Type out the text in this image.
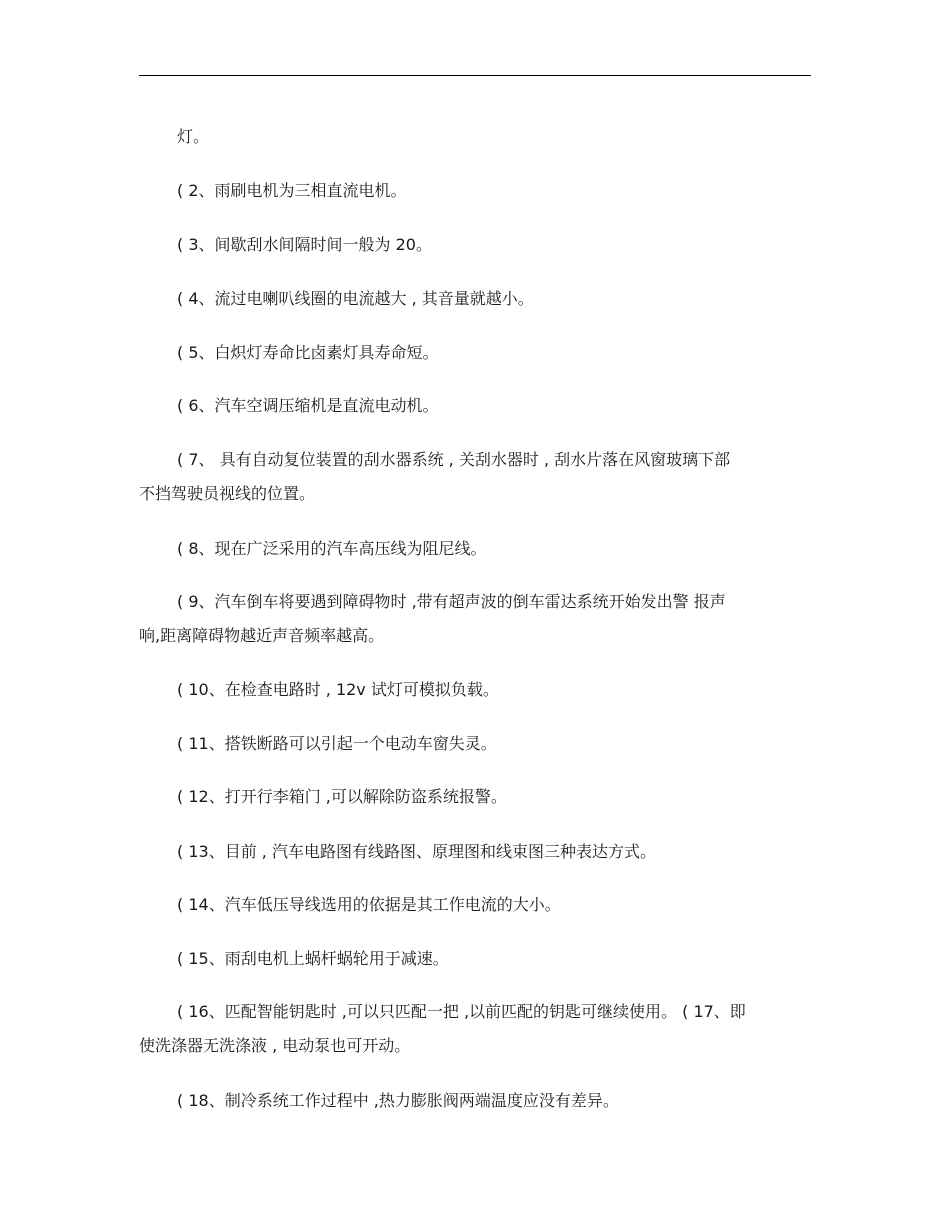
灯。
( 2、雨刷电机为三相直流电机。
( 3、间歇刮水间隔时间一般为 20。
( 4、流过电喇叭线圈的电流越大 , 其音量就越小。
( 5、白炽灯寿命比卤素灯具寿命短。
( 6、汽车空调压缩机是直流电动机。
( 7、 具有自动复位装置的刮水器系统 , 关刮水器时 , 刮水片落在风窗玻璃下部
不挡驾驶员视线的位置。
( 8、现在广泛采用的汽车高压线为阻尼线。
( 9、汽车倒车将要遇到障碍物时 ,带有超声波的倒车雷达系统开始发出警 报声
响,距离障碍物越近声音频率越高。
( 10、在检查电路时 , 12v 试灯可模拟负载。
( 11、搭铁断路可以引起一个电动车窗失灵。
( 12、打开行李箱门 ,可以解除防盗系统报警。
( 13、目前 , 汽车电路图有线路图、原理图和线束图三种表达方式。
( 14、汽车低压导线选用的依据是其工作电流的大小。
( 15、雨刮电机上蜗杆蜗轮用于减速。
( 16、匹配智能钥匙时 ,可以只匹配一把 ,以前匹配的钥匙可继续使用。 ( 17、即
使洗涤器无洗涤液 , 电动泵也可开动。
( 18、制冷系统工作过程中 ,热力膨胀阀两端温度应没有差异。
